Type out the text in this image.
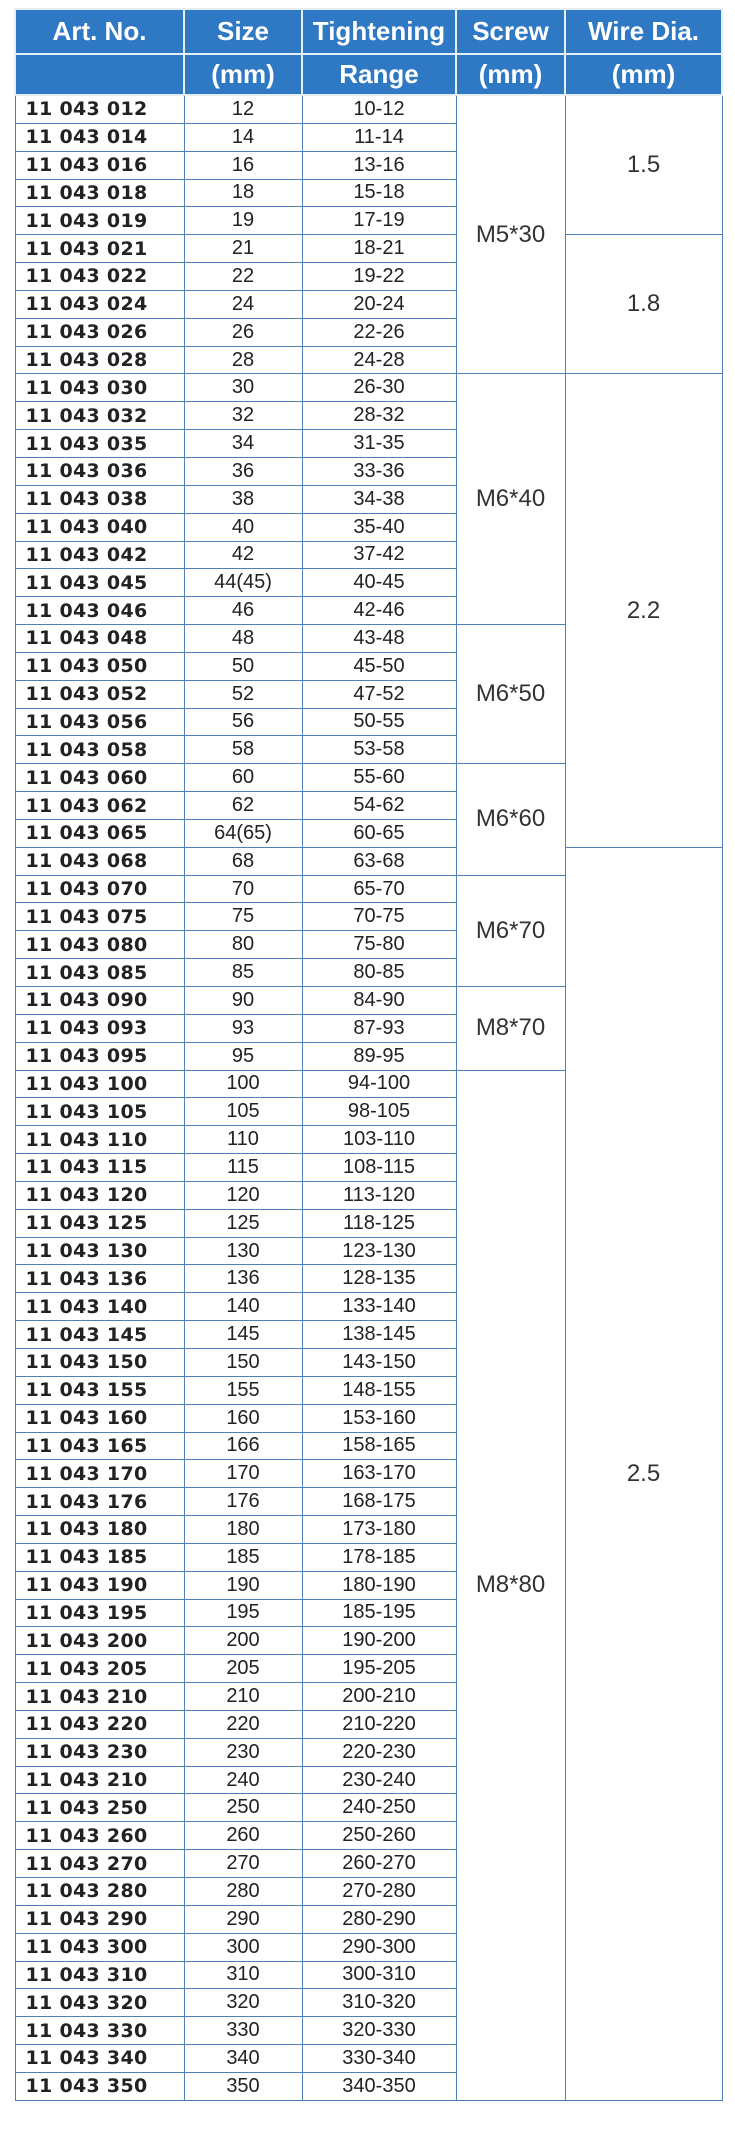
Art. No.	Size	Tightening	Screw	Wire Dia.
	(mm)	Range	(mm)	(mm)
11 043 012	12	10-12	M5*30	1.5
11 043 014	14	11-14		
11 043 016	16	13-16		
11 043 018	18	15-18		
11 043 019	19	17-19		
11 043 021	21	18-21		1.8
11 043 022	22	19-22		
11 043 024	24	20-24		
11 043 026	26	22-26		
11 043 028	28	24-28		
11 043 030	30	26-30	M6*40	2.2
11 043 032	32	28-32		
11 043 035	34	31-35		
11 043 036	36	33-36		
11 043 038	38	34-38		
11 043 040	40	35-40		
11 043 042	42	37-42		
11 043 045	44(45)	40-45		
11 043 046	46	42-46		
11 043 048	48	43-48	M6*50	
11 043 050	50	45-50		
11 043 052	52	47-52		
11 043 056	56	50-55		
11 043 058	58	53-58		
11 043 060	60	55-60	M6*60	
11 043 062	62	54-62		
11 043 065	64(65)	60-65		
11 043 068	68	63-68		2.5
11 043 070	70	65-70	M6*70	
11 043 075	75	70-75		
11 043 080	80	75-80		
11 043 085	85	80-85		
11 043 090	90	84-90	M8*70	
11 043 093	93	87-93		
11 043 095	95	89-95		
11 043 100	100	94-100	M8*80	
11 043 105	105	98-105		
11 043 110	110	103-110		
11 043 115	115	108-115		
11 043 120	120	113-120		
11 043 125	125	118-125		
11 043 130	130	123-130		
11 043 136	136	128-135		
11 043 140	140	133-140		
11 043 145	145	138-145		
11 043 150	150	143-150		
11 043 155	155	148-155		
11 043 160	160	153-160		
11 043 165	166	158-165		
11 043 170	170	163-170		
11 043 176	176	168-175		
11 043 180	180	173-180		
11 043 185	185	178-185		
11 043 190	190	180-190		
11 043 195	195	185-195		
11 043 200	200	190-200		
11 043 205	205	195-205		
11 043 210	210	200-210		
11 043 220	220	210-220		
11 043 230	230	220-230		
11 043 210	240	230-240		
11 043 250	250	240-250		
11 043 260	260	250-260		
11 043 270	270	260-270		
11 043 280	280	270-280		
11 043 290	290	280-290		
11 043 300	300	290-300		
11 043 310	310	300-310		
11 043 320	320	310-320		
11 043 330	330	320-330		
11 043 340	340	330-340		
11 043 350	350	340-350		
